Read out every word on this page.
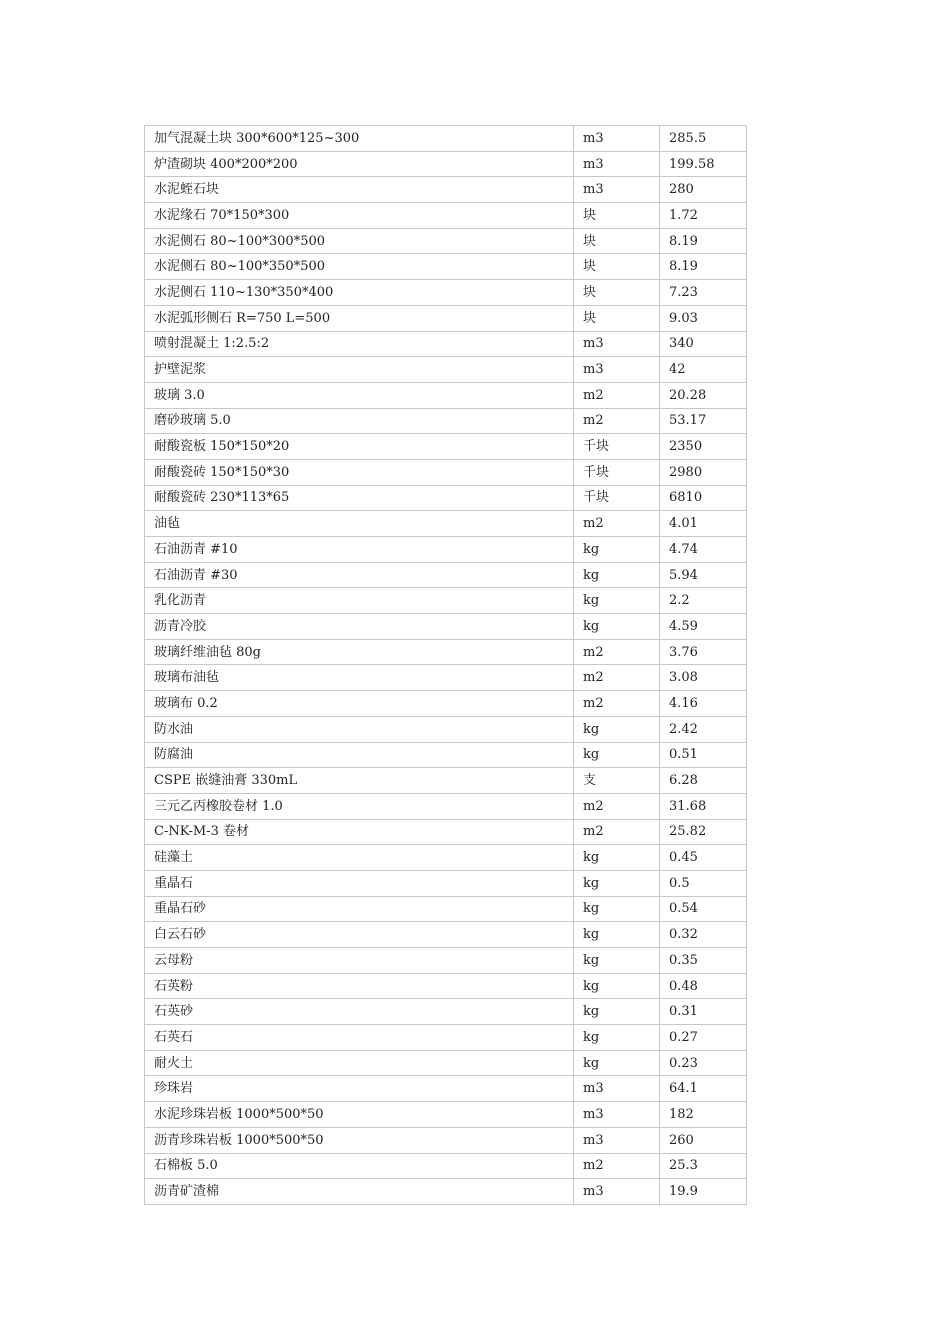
加气混凝土块 300*600*125~300	m3	285.5
炉渣砌块 400*200*200	m3	199.58
水泥蛭石块	m3	280
水泥缘石 70*150*300	块	1.72
水泥侧石 80~100*300*500	块	8.19
水泥侧石 80~100*350*500	块	8.19
水泥侧石 110~130*350*400	块	7.23
水泥弧形侧石 R=750 L=500	块	9.03
喷射混凝土 1:2.5:2	m3	340
护壁泥浆	m3	42
玻璃 3.0	m2	20.28
磨砂玻璃 5.0	m2	53.17
耐酸瓷板 150*150*20	千块	2350
耐酸瓷砖 150*150*30	千块	2980
耐酸瓷砖 230*113*65	千块	6810
油毡	m2	4.01
石油沥青 #10	kg	4.74
石油沥青 #30	kg	5.94
乳化沥青	kg	2.2
沥青冷胶	kg	4.59
玻璃纤维油毡 80g	m2	3.76
玻璃布油毡	m2	3.08
玻璃布 0.2	m2	4.16
防水油	kg	2.42
防腐油	kg	0.51
CSPE 嵌缝油膏 330mL	支	6.28
三元乙丙橡胶卷材 1.0	m2	31.68
C-NK-M-3 卷材	m2	25.82
硅藻土	kg	0.45
重晶石	kg	0.5
重晶石砂	kg	0.54
白云石砂	kg	0.32
云母粉	kg	0.35
石英粉	kg	0.48
石英砂	kg	0.31
石英石	kg	0.27
耐火土	kg	0.23
珍珠岩	m3	64.1
水泥珍珠岩板 1000*500*50	m3	182
沥青珍珠岩板 1000*500*50	m3	260
石棉板 5.0	m2	25.3
沥青矿渣棉	m3	19.9
